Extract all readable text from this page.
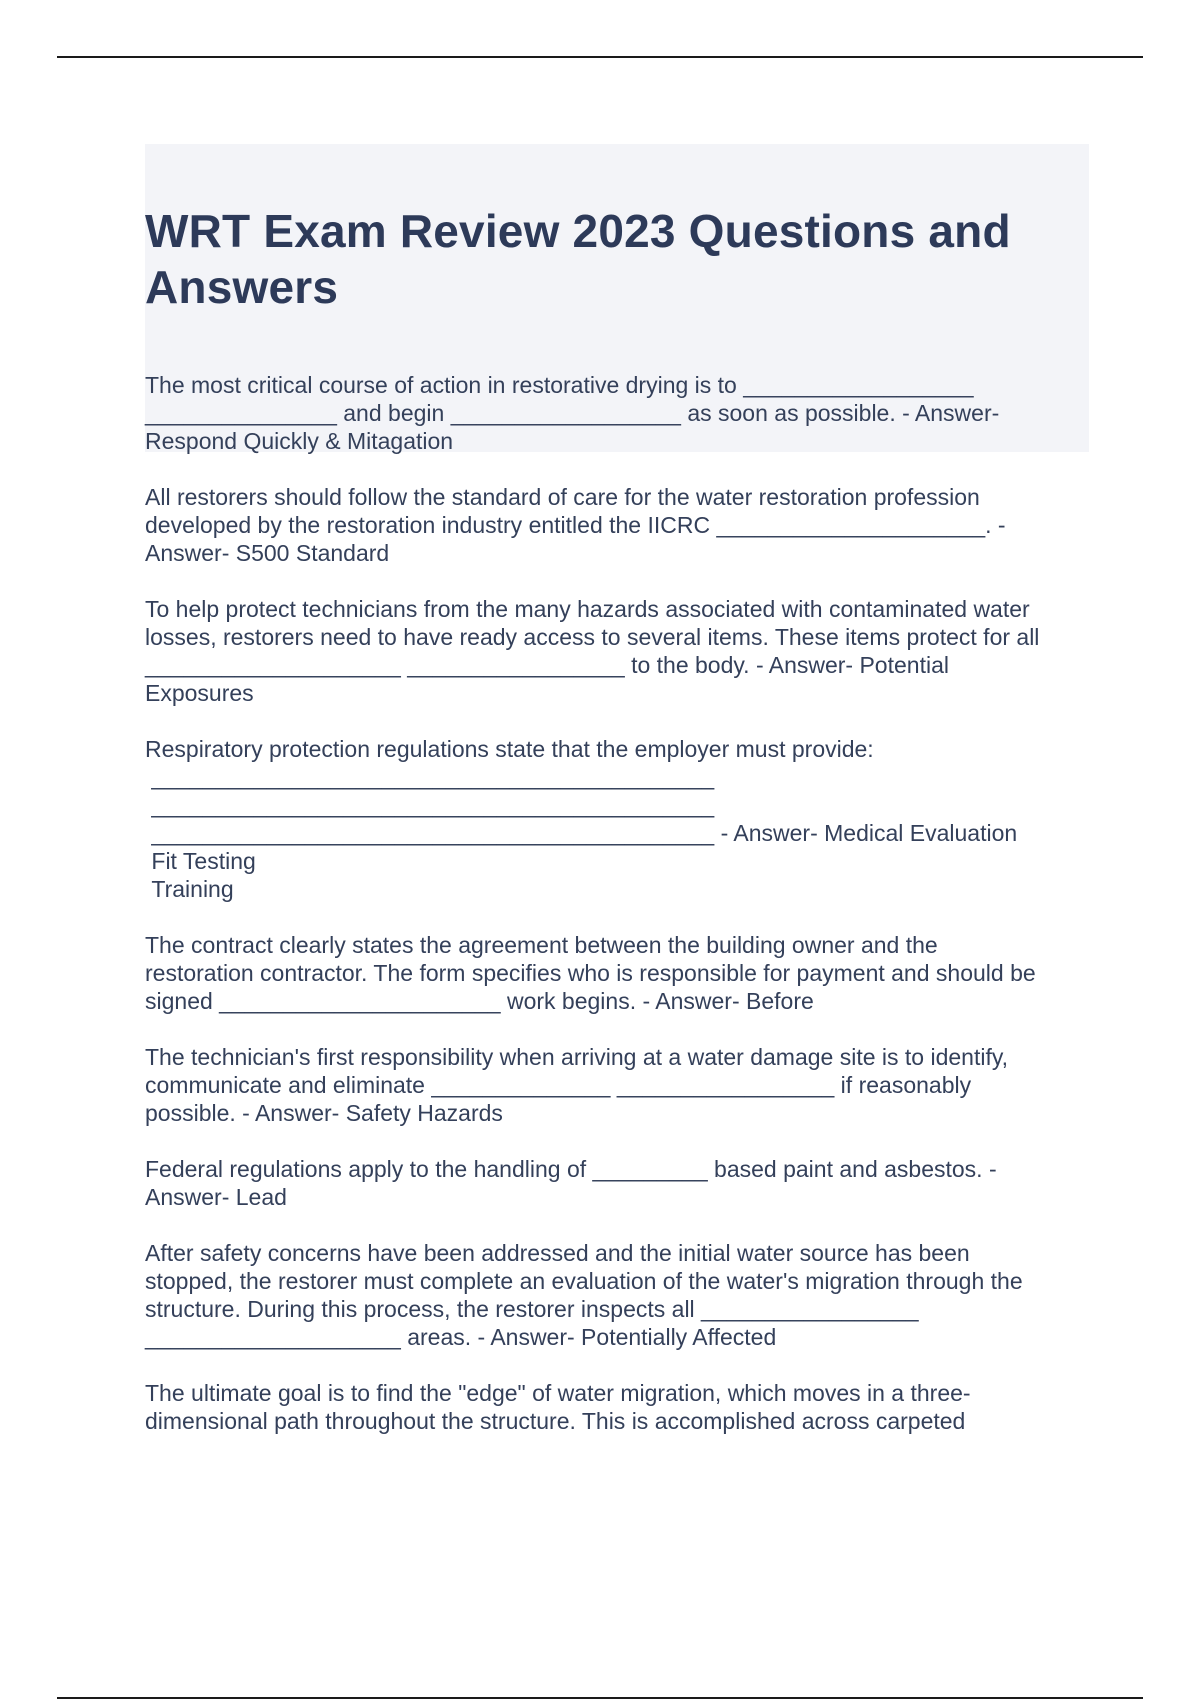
WRT Exam Review 2023 Questions and Answers

The most critical course of action in restorative drying is to __________________
_______________ and begin __________________ as soon as possible. - Answer-
Respond Quickly & Mitagation

All restorers should follow the standard of care for the water restoration profession
developed by the restoration industry entitled the IICRC _____________________. -
Answer- S500 Standard

To help protect technicians from the many hazards associated with contaminated water
losses, restorers need to have ready access to several items. These items protect for all
____________________ _________________ to the body. - Answer- Potential
Exposures

Respiratory protection regulations state that the employer must provide:
____________________________________________
____________________________________________
____________________________________________ - Answer- Medical Evaluation
Fit Testing
Training

The contract clearly states the agreement between the building owner and the
restoration contractor. The form specifies who is responsible for payment and should be
signed ______________________ work begins. - Answer- Before

The technician's first responsibility when arriving at a water damage site is to identify,
communicate and eliminate ______________ _________________ if reasonably
possible. - Answer- Safety Hazards

Federal regulations apply to the handling of _________ based paint and asbestos. -
Answer- Lead

After safety concerns have been addressed and the initial water source has been
stopped, the restorer must complete an evaluation of the water's migration through the
structure. During this process, the restorer inspects all _________________
____________________ areas. - Answer- Potentially Affected

The ultimate goal is to find the "edge" of water migration, which moves in a three-
dimensional path throughout the structure. This is accomplished across carpeted
